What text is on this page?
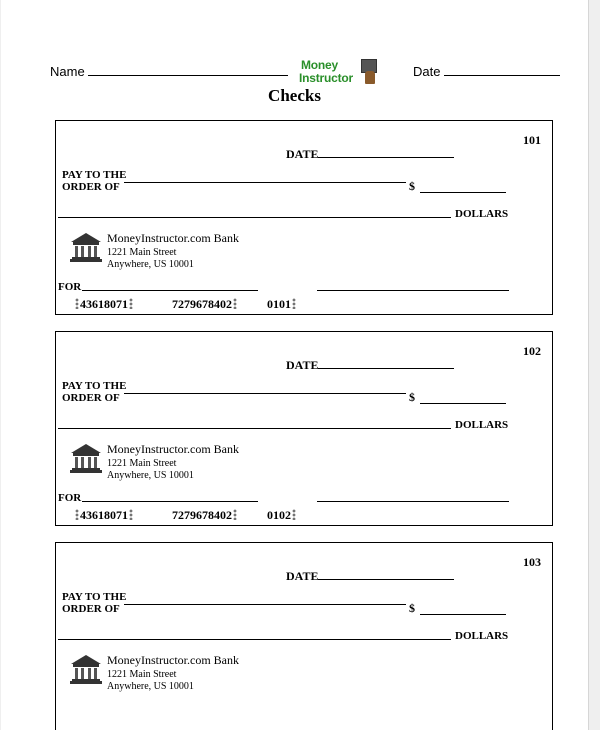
Name	Money
Instructor	Date
Checks
101
DATE
PAY TO THE
ORDER OF	$
DOLLARS
MoneyInstructor.com Bank
1221 Main Street
Anywhere, US 10001
FOR
43618071	7279678402	0101
102
DATE
PAY TO THE
ORDER OF	$
DOLLARS
MoneyInstructor.com Bank
1221 Main Street
Anywhere, US 10001
FOR
43618071	7279678402	0102
103
DATE
PAY TO THE
ORDER OF	$
DOLLARS
MoneyInstructor.com Bank
1221 Main Street
Anywhere, US 10001
